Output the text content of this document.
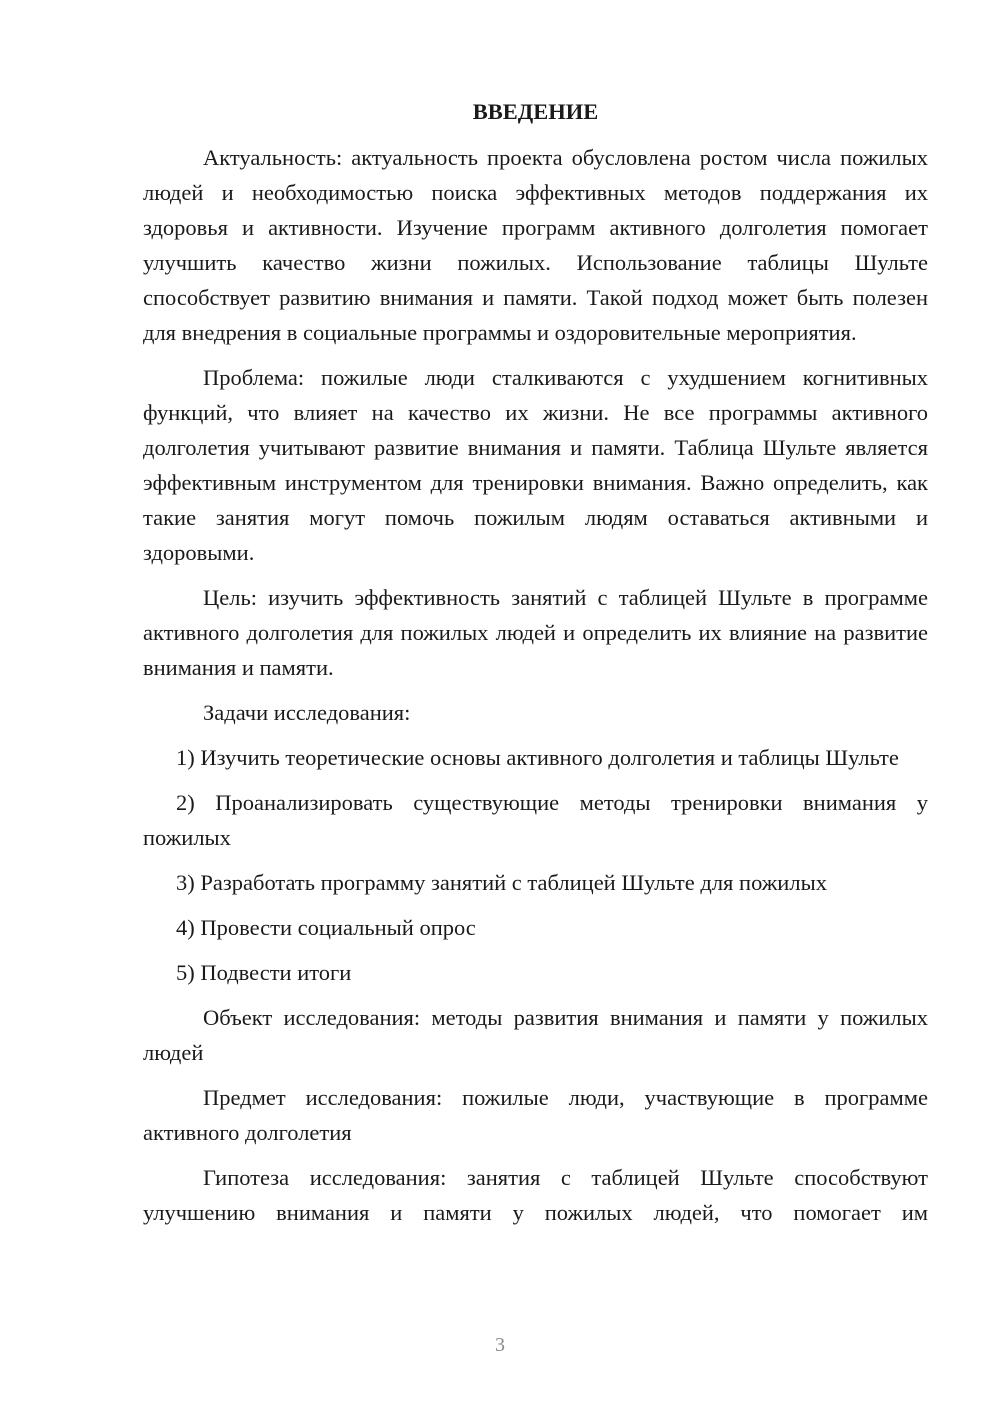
ВВЕДЕНИЕ

Актуальность: актуальность проекта обусловлена ростом числа пожилых людей и необходимостью поиска эффективных методов поддержания их здоровья и активности. Изучение программ активного долголетия помогает улучшить качество жизни пожилых. Использование таблицы Шульте способствует развитию внимания и памяти. Такой подход может быть полезен для внедрения в социальные программы и оздоровительные мероприятия.

Проблема: пожилые люди сталкиваются с ухудшением когнитивных функций, что влияет на качество их жизни. Не все программы активного долголетия учитывают развитие внимания и памяти. Таблица Шульте является эффективным инструментом для тренировки внимания. Важно определить, как такие занятия могут помочь пожилым людям оставаться активными и здоровыми.

Цель: изучить эффективность занятий с таблицей Шульте в программе активного долголетия для пожилых людей и определить их влияние на развитие внимания и памяти.

Задачи исследования:

1) Изучить теоретические основы активного долголетия и таблицы Шульте

2) Проанализировать существующие методы тренировки внимания у пожилых

3) Разработать программу занятий с таблицей Шульте для пожилых

4) Провести социальный опрос

5) Подвести итоги

Объект исследования: методы развития внимания и памяти у пожилых людей

Предмет исследования: пожилые люди, участвующие в программе активного долголетия

Гипотеза исследования: занятия с таблицей Шульте способствуют улучшению внимания и памяти у пожилых людей, что помогает им

3
